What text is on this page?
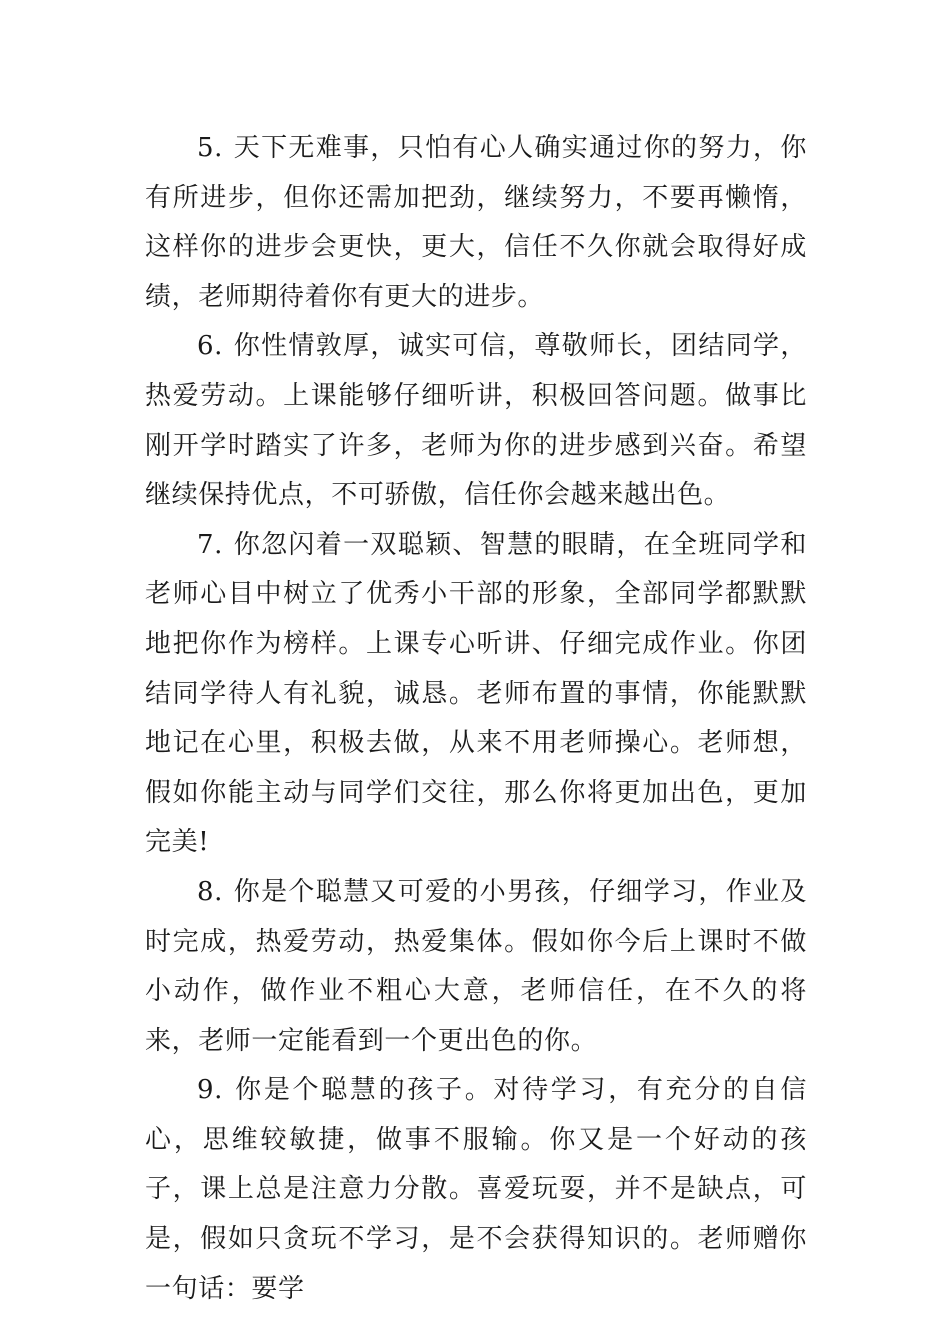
5. 天下无难事，只怕有心人确实通过你的努力，你有所进步，但你还需加把劲，继续努力，不要再懒惰，这样你的进步会更快，更大，信任不久你就会取得好成绩，老师期待着你有更大的进步。

6. 你性情敦厚，诚实可信，尊敬师长，团结同学，热爱劳动。上课能够仔细听讲，积极回答问题。做事比刚开学时踏实了许多，老师为你的进步感到兴奋。希望继续保持优点，不可骄傲，信任你会越来越出色。

7. 你忽闪着一双聪颖、智慧的眼睛，在全班同学和老师心目中树立了优秀小干部的形象，全部同学都默默地把你作为榜样。上课专心听讲、仔细完成作业。你团结同学待人有礼貌，诚恳。老师布置的事情，你能默默地记在心里，积极去做，从来不用老师操心。老师想，假如你能主动与同学们交往，那么你将更加出色，更加完美!

8. 你是个聪慧又可爱的小男孩，仔细学习，作业及时完成，热爱劳动，热爱集体。假如你今后上课时不做小动作，做作业不粗心大意，老师信任，在不久的将来，老师一定能看到一个更出色的你。

9. 你是个聪慧的孩子。对待学习，有充分的自信心，思维较敏捷，做事不服输。你又是一个好动的孩子，课上总是注意力分散。喜爱玩耍，并不是缺点，可是，假如只贪玩不学习，是不会获得知识的。老师赠你一句话：要学
